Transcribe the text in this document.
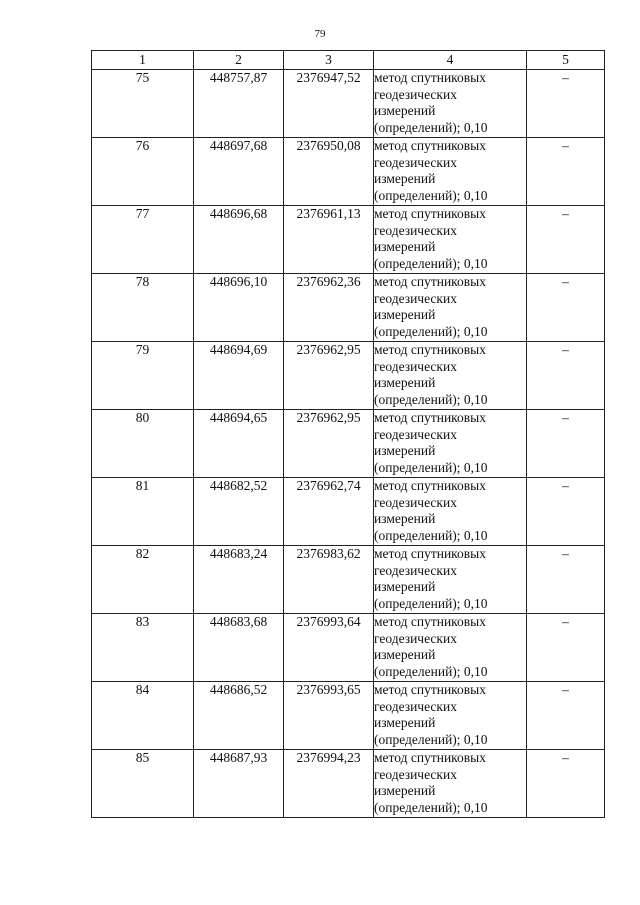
79
1	2	3	4	5
75	448757,87	2376947,52	метод спутниковых
геодезических
измерений
(определений); 0,10	–
76	448697,68	2376950,08	метод спутниковых
геодезических
измерений
(определений); 0,10	–
77	448696,68	2376961,13	метод спутниковых
геодезических
измерений
(определений); 0,10	–
78	448696,10	2376962,36	метод спутниковых
геодезических
измерений
(определений); 0,10	–
79	448694,69	2376962,95	метод спутниковых
геодезических
измерений
(определений); 0,10	–
80	448694,65	2376962,95	метод спутниковых
геодезических
измерений
(определений); 0,10	–
81	448682,52	2376962,74	метод спутниковых
геодезических
измерений
(определений); 0,10	–
82	448683,24	2376983,62	метод спутниковых
геодезических
измерений
(определений); 0,10	–
83	448683,68	2376993,64	метод спутниковых
геодезических
измерений
(определений); 0,10	–
84	448686,52	2376993,65	метод спутниковых
геодезических
измерений
(определений); 0,10	–
85	448687,93	2376994,23	метод спутниковых
геодезических
измерений
(определений); 0,10	–
